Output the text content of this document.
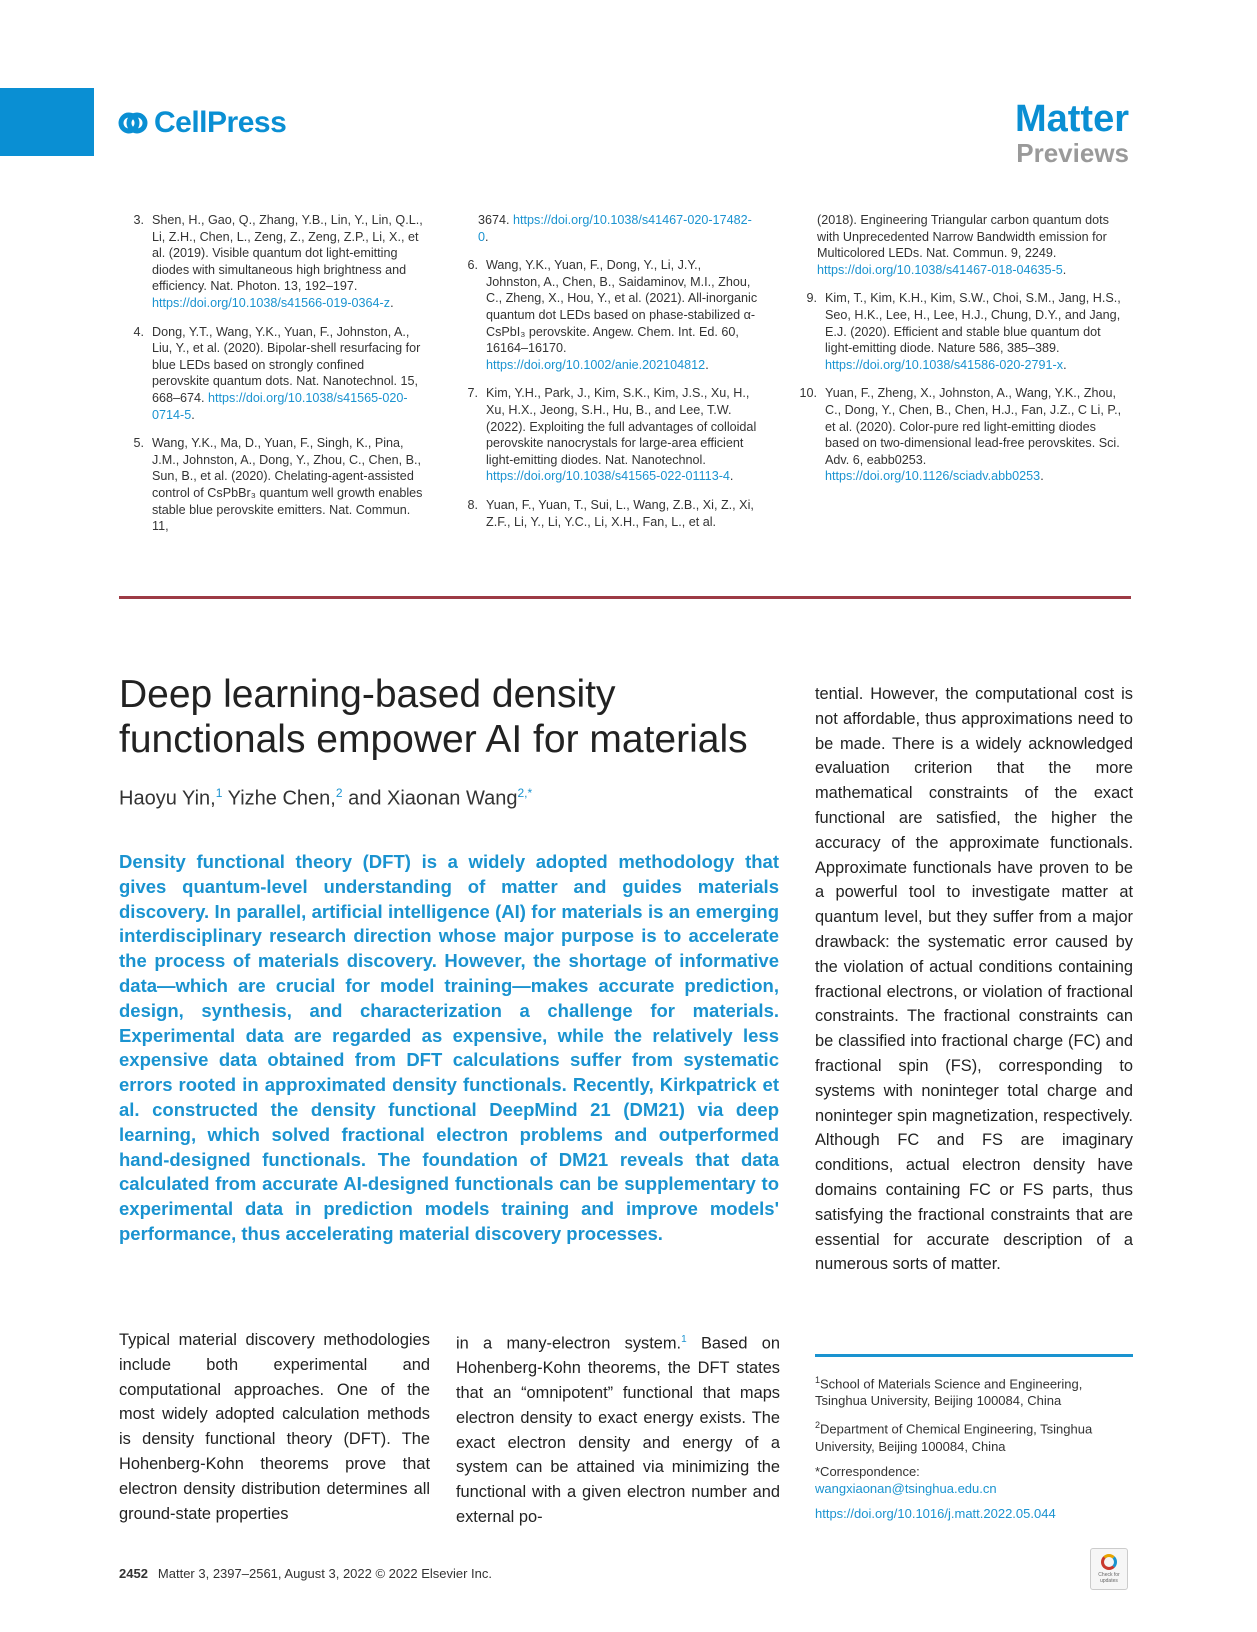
CellPress	Matter
Previews
3. Shen, H., Gao, Q., Zhang, Y.B., Lin, Y., Lin, Q.L., Li, Z.H., Chen, L., Zeng, Z., Zeng, Z.P., Li, X., et al. (2019). Visible quantum dot light-emitting diodes with simultaneous high brightness and efficiency. Nat. Photon. 13, 192–197. https://doi.org/10.1038/s41566-019-0364-z.
4. Dong, Y.T., Wang, Y.K., Yuan, F., Johnston, A., Liu, Y., et al. (2020). Bipolar-shell resurfacing for blue LEDs based on strongly confined perovskite quantum dots. Nat. Nanotechnol. 15, 668–674. https://doi.org/10.1038/s41565-020-0714-5.
5. Wang, Y.K., Ma, D., Yuan, F., Singh, K., Pina, J.M., Johnston, A., Dong, Y., Zhou, C., Chen, B., Sun, B., et al. (2020). Chelating-agent-assisted control of CsPbBr₃ quantum well growth enables stable blue perovskite emitters. Nat. Commun. 11,
3674. https://doi.org/10.1038/s41467-020-17482-0.
6. Wang, Y.K., Yuan, F., Dong, Y., Li, J.Y., Johnston, A., Chen, B., Saidaminov, M.I., Zhou, C., Zheng, X., Hou, Y., et al. (2021). All-inorganic quantum dot LEDs based on phase-stabilized α-CsPbI₃ perovskite. Angew. Chem. Int. Ed. 60, 16164–16170. https://doi.org/10.1002/anie.202104812.
7. Kim, Y.H., Park, J., Kim, S.K., Kim, J.S., Xu, H., Xu, H.X., Jeong, S.H., Hu, B., and Lee, T.W. (2022). Exploiting the full advantages of colloidal perovskite nanocrystals for large-area efficient light-emitting diodes. Nat. Nanotechnol. https://doi.org/10.1038/s41565-022-01113-4.
8. Yuan, F., Yuan, T., Sui, L., Wang, Z.B., Xi, Z., Xi, Z.F., Li, Y., Li, Y.C., Li, X.H., Fan, L., et al.
(2018). Engineering Triangular carbon quantum dots with Unprecedented Narrow Bandwidth emission for Multicolored LEDs. Nat. Commun. 9, 2249. https://doi.org/10.1038/s41467-018-04635-5.
9. Kim, T., Kim, K.H., Kim, S.W., Choi, S.M., Jang, H.S., Seo, H.K., Lee, H., Lee, H.J., Chung, D.Y., and Jang, E.J. (2020). Efficient and stable blue quantum dot light-emitting diode. Nature 586, 385–389. https://doi.org/10.1038/s41586-020-2791-x.
10. Yuan, F., Zheng, X., Johnston, A., Wang, Y.K., Zhou, C., Dong, Y., Chen, B., Chen, H.J., Fan, J.Z., C Li, P., et al. (2020). Color-pure red light-emitting diodes based on two-dimensional lead-free perovskites. Sci. Adv. 6, eabb0253. https://doi.org/10.1126/sciadv.abb0253.
Deep learning-based density functionals empower AI for materials
Haoyu Yin,$^1$ Yizhe Chen,$^2$ and Xiaonan Wang$^{2,*}$

Density functional theory (DFT) is a widely adopted methodology that gives quantum-level understanding of matter and guides materials discovery. In parallel, artificial intelligence (AI) for materials is an emerging interdisciplinary research direction whose major purpose is to accelerate the process of materials discovery. However, the shortage of informative data—which are crucial for model training—makes accurate prediction, design, synthesis, and characterization a challenge for materials. Experimental data are regarded as expensive, while the relatively less expensive data obtained from DFT calculations suffer from systematic errors rooted in approximated density functionals. Recently, Kirkpatrick et al. constructed the density functional DeepMind 21 (DM21) via deep learning, which solved fractional electron problems and outperformed hand-designed functionals. The foundation of DM21 reveals that data calculated from accurate AI-designed functionals can be supplementary to experimental data in prediction models training and improve models' performance, thus accelerating material discovery processes.

Typical material discovery methodologies include both experimental and computational approaches. One of the most widely adopted calculation methods is density functional theory (DFT). The Hohenberg-Kohn theorems prove that electron density distribution determines all ground-state properties

in a many-electron system.$^1$ Based on Hohenberg-Kohn theorems, the DFT states that an “omnipotent” functional that maps electron density to exact energy exists. The exact electron density and energy of a system can be attained via minimizing the functional with a given electron number and external po-

tential. However, the computational cost is not affordable, thus approximations need to be made. There is a widely acknowledged evaluation criterion that the more mathematical constraints of the exact functional are satisfied, the higher the accuracy of the approximate functionals. Approximate functionals have proven to be a powerful tool to investigate matter at quantum level, but they suffer from a major drawback: the systematic error caused by the violation of actual conditions containing fractional electrons, or violation of fractional constraints. The fractional constraints can be classified into fractional charge (FC) and fractional spin (FS), corresponding to systems with noninteger total charge and noninteger spin magnetization, respectively. Although FC and FS are imaginary conditions, actual electron density have domains containing FC or FS parts, thus satisfying the fractional constraints that are essential for accurate description of a numerous sorts of matter.

$^1$School of Materials Science and Engineering, Tsinghua University, Beijing 100084, China

$^2$Department of Chemical Engineering, Tsinghua University, Beijing 100084, China

*Correspondence:
wangxiaonan@tsinghua.edu.cn

https://doi.org/10.1016/j.matt.2022.05.044

2452 Matter 3, 2397–2561, August 3, 2022 © 2022 Elsevier Inc.	Check for updates
